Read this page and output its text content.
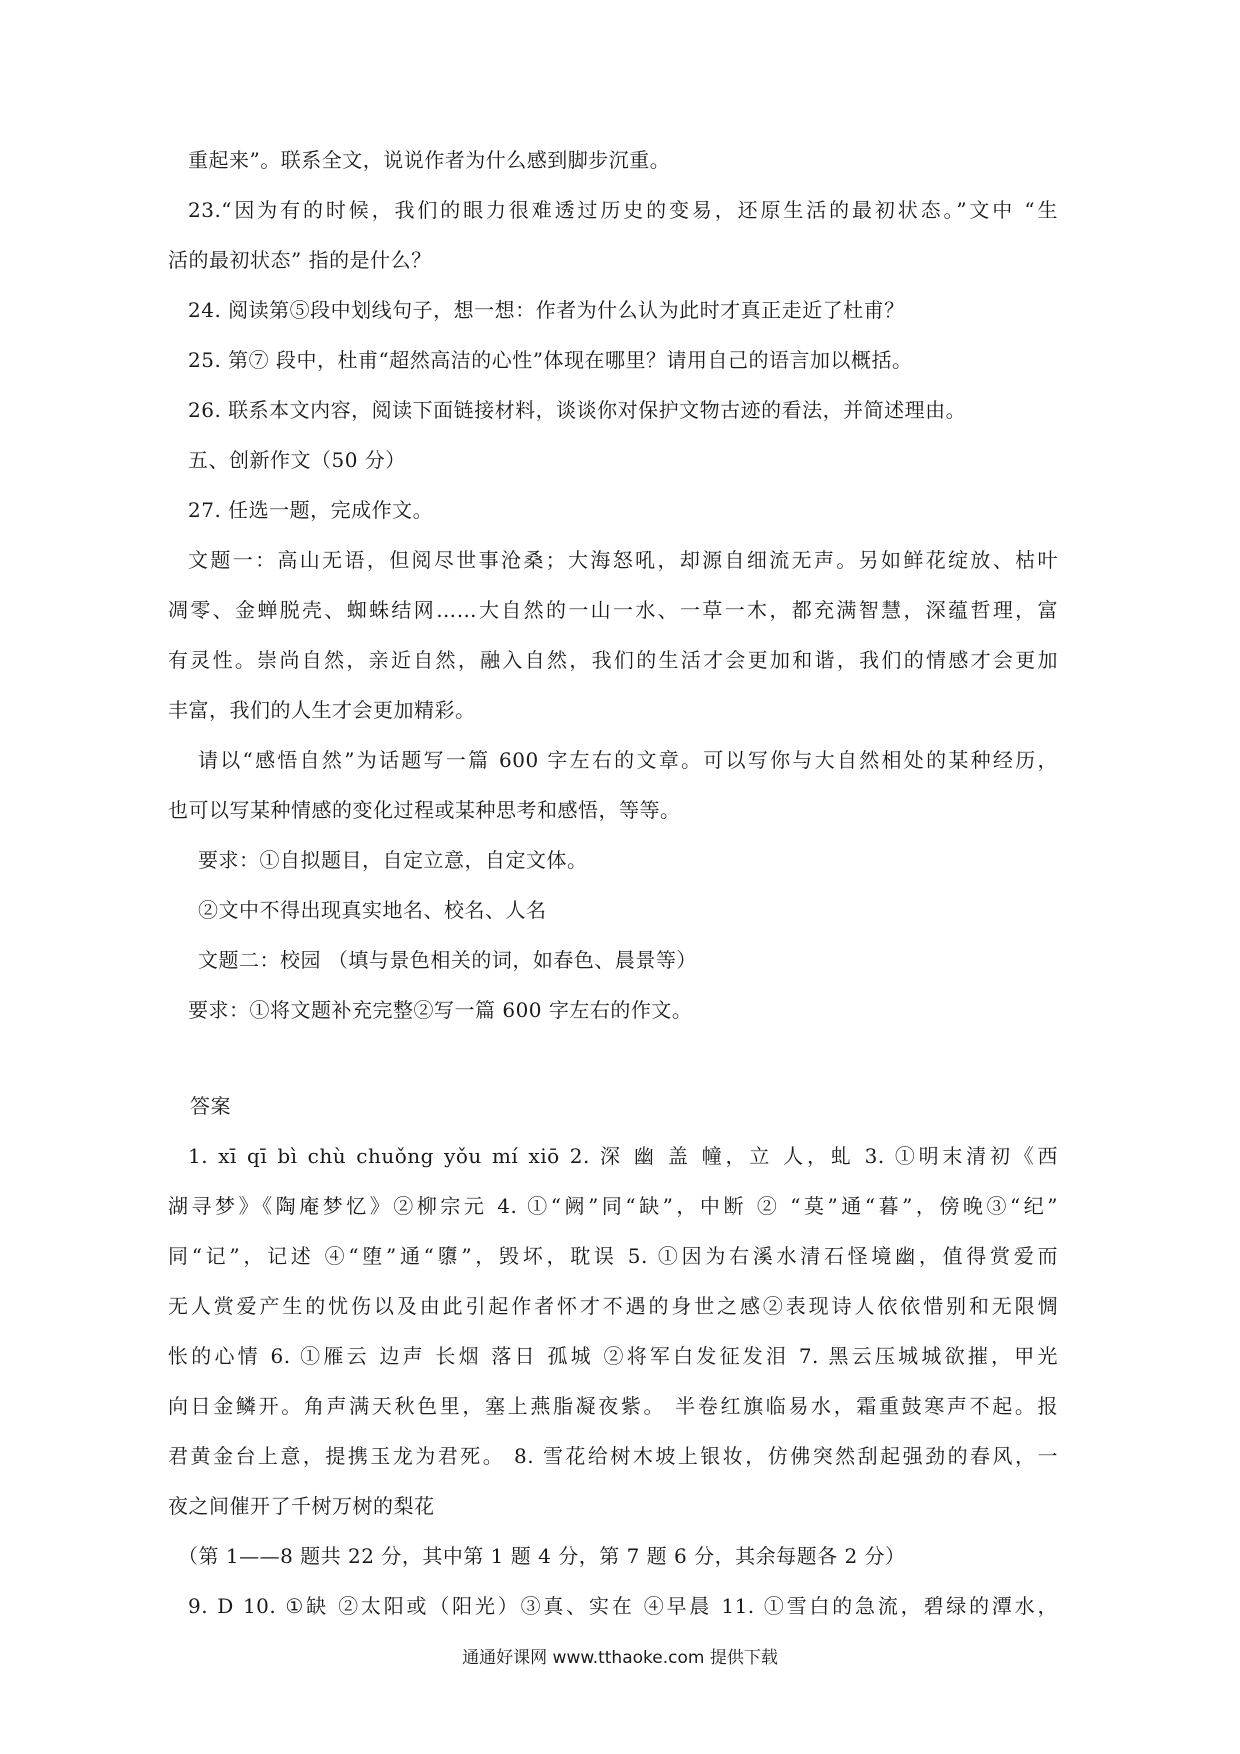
重起来”。联系全文，说说作者为什么感到脚步沉重。
23.“因为有的时候，我们的眼力很难透过历史的变易，还原生活的最初状态。”文中 “生
活的最初状态” 指的是什么？
24. 阅读第⑤段中划线句子，想一想：作者为什么认为此时才真正走近了杜甫？
25. 第⑦ 段中，杜甫“超然高洁的心性”体现在哪里？请用自己的语言加以概括。
26. 联系本文内容，阅读下面链接材料，谈谈你对保护文物古迹的看法，并简述理由。
五、创新作文（50 分）
27. 任选一题，完成作文。
文题一：高山无语，但阅尽世事沧桑；大海怒吼，却源自细流无声。另如鲜花绽放、枯叶
凋零、金蝉脱壳、蜘蛛结网……大自然的一山一水、一草一木，都充满智慧，深蕴哲理，富
有灵性。崇尚自然，亲近自然，融入自然，我们的生活才会更加和谐，我们的情感才会更加
丰富，我们的人生才会更加精彩。
请以“感悟自然”为话题写一篇 600 字左右的文章。可以写你与大自然相处的某种经历，
也可以写某种情感的变化过程或某种思考和感悟，等等。
要求：①自拟题目，自定立意，自定文体。
②文中不得出现真实地名、校名、人名
文题二：校园 （填与景色相关的词，如春色、晨景等）
要求：①将文题补充完整②写一篇 600 字左右的作文。
答案
1. xī qī bì chù chuǒng yǒu mí xiō 2. 深 幽 盖 幢，立 人，虬 3. ①明末清初《西
湖寻梦》《陶庵梦忆》②柳宗元 4. ①“阙”同“缺”，中断 ② “莫”通“暮”，傍晚③“纪”
同“记”，记述 ④“堕”通“隳”，毁坏，耽误 5. ①因为右溪水清石怪境幽，值得赏爱而
无人赏爱产生的忧伤以及由此引起作者怀才不遇的身世之感②表现诗人依依惜别和无限惆
怅的心情 6. ①雁云 边声 长烟 落日 孤城 ②将军白发征发泪 7. 黑云压城城欲摧，甲光
向日金鳞开。角声满天秋色里，塞上燕脂凝夜紫。 半卷红旗临易水，霜重鼓寒声不起。报
君黄金台上意，提携玉龙为君死。 8. 雪花给树木坡上银妆，仿佛突然刮起强劲的春风，一
夜之间催开了千树万树的梨花
（第 1——8 题共 22 分，其中第 1 题 4 分，第 7 题 6 分，其余每题各 2 分）
9. D 10. ①缺 ②太阳或（阳光）③真、实在 ④早晨 11. ①雪白的急流，碧绿的潭水，
通通好课网 www.tthaoke.com 提供下载
